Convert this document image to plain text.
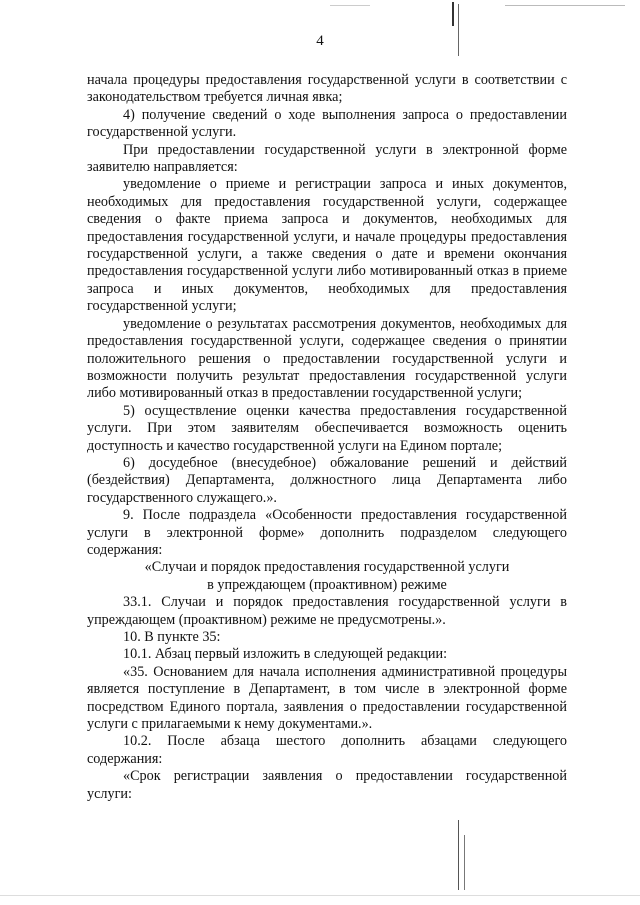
4

начала процедуры предоставления государственной услуги в соответствии с законодательством требуется личная явка;

4) получение сведений о ходе выполнения запроса о предоставлении государственной услуги.

При предоставлении государственной услуги в электронной форме заявителю направляется:

уведомление о приеме и регистрации запроса и иных документов, необходимых для предоставления государственной услуги, содержащее сведения о факте приема запроса и документов, необходимых для предоставления государственной услуги, и начале процедуры предоставления государственной услуги, а также сведения о дате и времени окончания предоставления государственной услуги либо мотивированный отказ в приеме запроса и иных документов, необходимых для предоставления государственной услуги;

уведомление о результатах рассмотрения документов, необходимых для предоставления государственной услуги, содержащее сведения о принятии положительного решения о предоставлении государственной услуги и возможности получить результат предоставления государственной услуги либо мотивированный отказ в предоставлении государственной услуги;

5) осуществление оценки качества предоставления государственной услуги. При этом заявителям обеспечивается возможность оценить доступность и качество государственной услуги на Едином портале;

6) досудебное (внесудебное) обжалование решений и действий (бездействия) Департамента, должностного лица Департамента либо государственного служащего.».

9. После подраздела «Особенности предоставления государственной услуги в электронной форме» дополнить подразделом следующего содержания:

«Случаи и порядок предоставления государственной услуги

в упреждающем (проактивном) режиме

33.1. Случаи и порядок предоставления государственной услуги в упреждающем (проактивном) режиме не предусмотрены.».

10. В пункте 35:

10.1. Абзац первый изложить в следующей редакции:

«35. Основанием для начала исполнения административной процедуры является поступление в Департамент, в том числе в электронной форме посредством Единого портала, заявления о предоставлении государственной услуги с прилагаемыми к нему документами.».

10.2. После абзаца шестого дополнить абзацами следующего содержания:

«Срок регистрации заявления о предоставлении государственной услуги:
